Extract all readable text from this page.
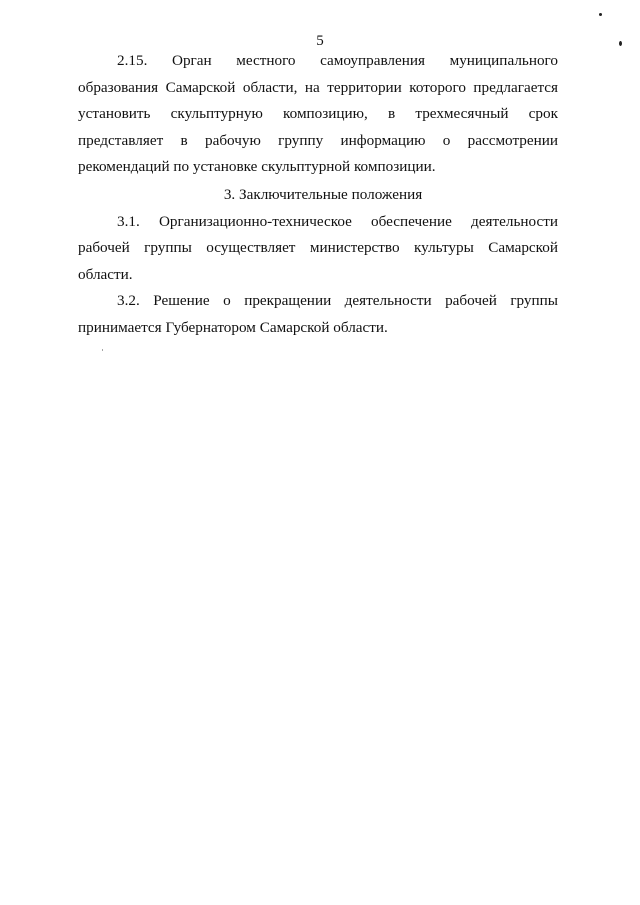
5

2.15. Орган местного самоуправления муниципального образования Самарской области, на территории которого предлагается установить скульптурную композицию, в трехмесячный срок представляет в рабочую группу информацию о рассмотрении рекомендаций по установке скульптурной композиции.

3. Заключительные положения

3.1. Организационно-техническое обеспечение деятельности рабочей группы осуществляет министерство культуры Самарской области.

3.2. Решение о прекращении деятельности рабочей группы принимается Губернатором Самарской области.
